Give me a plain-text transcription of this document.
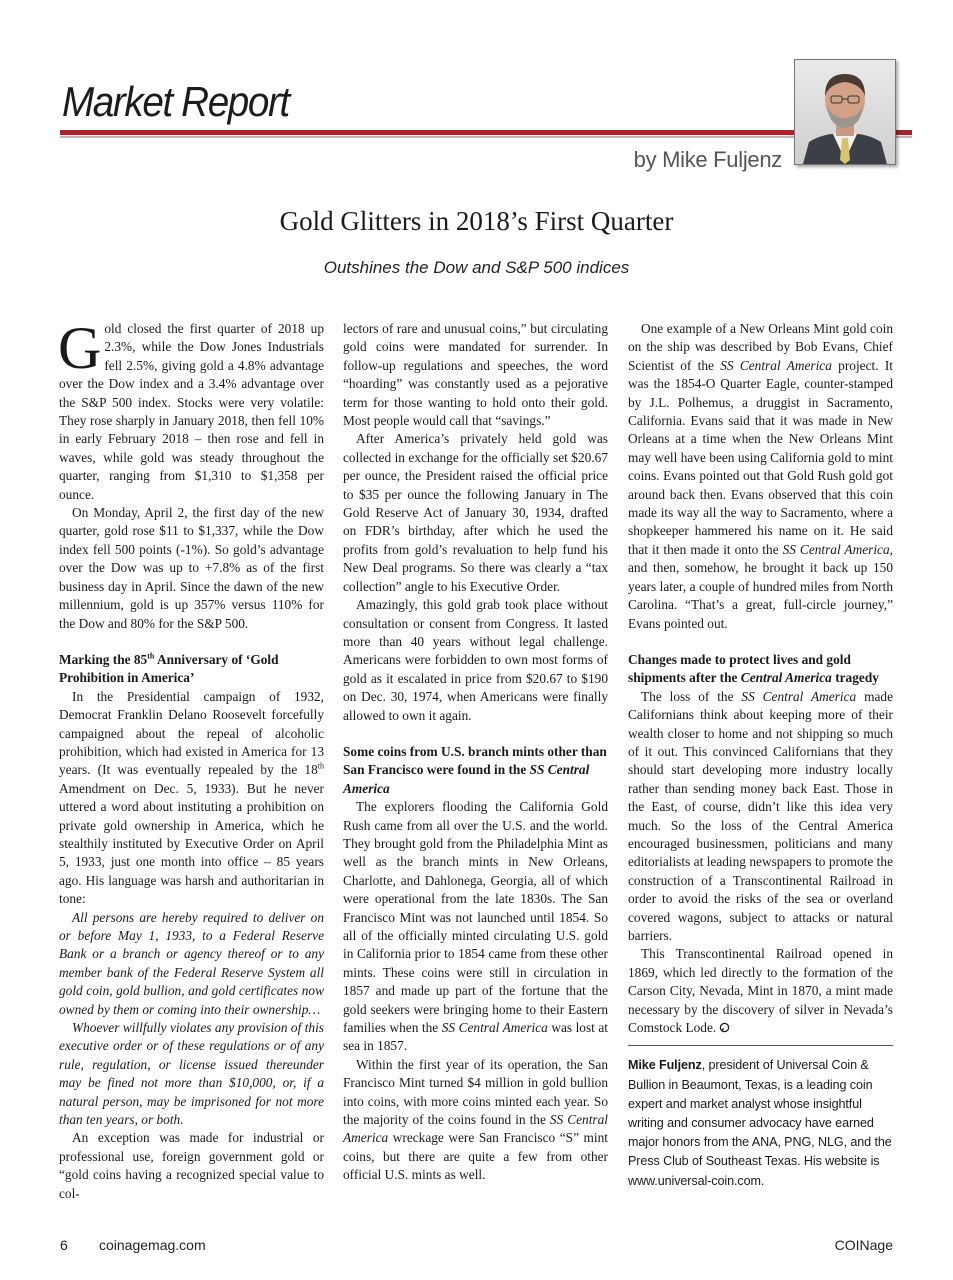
Market Report
by Mike Fuljenz
Gold Glitters in 2018’s First Quarter
Outshines the Dow and S&P 500 indices

Gold closed the first quarter of 2018 up 2.3%, while the Dow Jones Industrials fell 2.5%, giving gold a 4.8% advantage over the Dow index and a 3.4% advantage over the S&P 500 index. Stocks were very volatile: They rose sharply in January 2018, then fell 10% in early February 2018 – then rose and fell in waves, while gold was steady throughout the quarter, ranging from $1,310 to $1,358 per ounce.

On Monday, April 2, the first day of the new quarter, gold rose $11 to $1,337, while the Dow index fell 500 points (-1%). So gold’s advantage over the Dow was up to +7.8% as of the first business day in April. Since the dawn of the new millennium, gold is up 357% versus 110% for the Dow and 80% for the S&P 500.

Marking the 85th Anniversary of ‘Gold Prohibition in America’

In the Presidential campaign of 1932, Democrat Franklin Delano Roosevelt forcefully campaigned about the repeal of alcoholic prohibition, which had existed in America for 13 years. (It was eventually repealed by the 18th Amendment on Dec. 5, 1933). But he never uttered a word about instituting a prohibition on private gold ownership in America, which he stealthily instituted by Executive Order on April 5, 1933, just one month into office – 85 years ago. His language was harsh and authoritarian in tone:

All persons are hereby required to deliver on or before May 1, 1933, to a Federal Reserve Bank or a branch or agency thereof or to any member bank of the Federal Reserve System all gold coin, gold bullion, and gold certificates now owned by them or coming into their ownership…

Whoever willfully violates any provision of this executive order or of these regulations or of any rule, regulation, or license issued thereunder may be fined not more than $10,000, or, if a natural person, may be imprisoned for not more than ten years, or both.

An exception was made for industrial or professional use, foreign government gold or “gold coins having a recognized special value to col-

lectors of rare and unusual coins,” but circulating gold coins were mandated for surrender. In follow-up regulations and speeches, the word “hoarding” was constantly used as a pejorative term for those wanting to hold onto their gold. Most people would call that “savings.”

After America’s privately held gold was collected in exchange for the officially set $20.67 per ounce, the President raised the official price to $35 per ounce the following January in The Gold Reserve Act of January 30, 1934, drafted on FDR’s birthday, after which he used the profits from gold’s revaluation to help fund his New Deal programs. So there was clearly a “tax collection” angle to his Executive Order.

Amazingly, this gold grab took place without consultation or consent from Congress. It lasted more than 40 years without legal challenge. Americans were forbidden to own most forms of gold as it escalated in price from $20.67 to $190 on Dec. 30, 1974, when Americans were finally allowed to own it again.

Some coins from U.S. branch mints other than San Francisco were found in the SS Central America

The explorers flooding the California Gold Rush came from all over the U.S. and the world. They brought gold from the Philadelphia Mint as well as the branch mints in New Orleans, Charlotte, and Dahlonega, Georgia, all of which were operational from the late 1830s. The San Francisco Mint was not launched until 1854. So all of the officially minted circulating U.S. gold in California prior to 1854 came from these other mints. These coins were still in circulation in 1857 and made up part of the fortune that the gold seekers were bringing home to their Eastern families when the SS Central America was lost at sea in 1857.

Within the first year of its operation, the San Francisco Mint turned $4 million in gold bullion into coins, with more coins minted each year. So the majority of the coins found in the SS Central America wreckage were San Francisco “S” mint coins, but there are quite a few from other official U.S. mints as well.

One example of a New Orleans Mint gold coin on the ship was described by Bob Evans, Chief Scientist of the SS Central America project. It was the 1854-O Quarter Eagle, counter-stamped by J.L. Polhemus, a druggist in Sacramento, California. Evans said that it was made in New Orleans at a time when the New Orleans Mint may well have been using California gold to mint coins. Evans pointed out that Gold Rush gold got around back then. Evans observed that this coin made its way all the way to Sacramento, where a shopkeeper hammered his name on it. He said that it then made it onto the SS Central America, and then, somehow, he brought it back up 150 years later, a couple of hundred miles from North Carolina. “That’s a great, full-circle journey,” Evans pointed out.

Changes made to protect lives and gold shipments after the Central America tragedy

The loss of the SS Central America made Californians think about keeping more of their wealth closer to home and not shipping so much of it out. This convinced Californians that they should start developing more industry locally rather than sending money back East. Those in the East, of course, didn’t like this idea very much. So the loss of the Central America encouraged businessmen, politicians and many editorialists at leading newspapers to promote the construction of a Transcontinental Railroad in order to avoid the risks of the sea or overland covered wagons, subject to attacks or natural barriers.

This Transcontinental Railroad opened in 1869, which led directly to the formation of the Carson City, Nevada, Mint in 1870, a mint made necessary by the discovery of silver in Nevada’s Comstock Lode.

Mike Fuljenz, president of Universal Coin & Bullion in Beaumont, Texas, is a leading coin expert and market analyst whose insightful writing and consumer advocacy have earned major honors from the ANA, PNG, NLG, and the Press Club of Southeast Texas. His website is www.universal-coin.com.
6 coinagemag.com	COINage
